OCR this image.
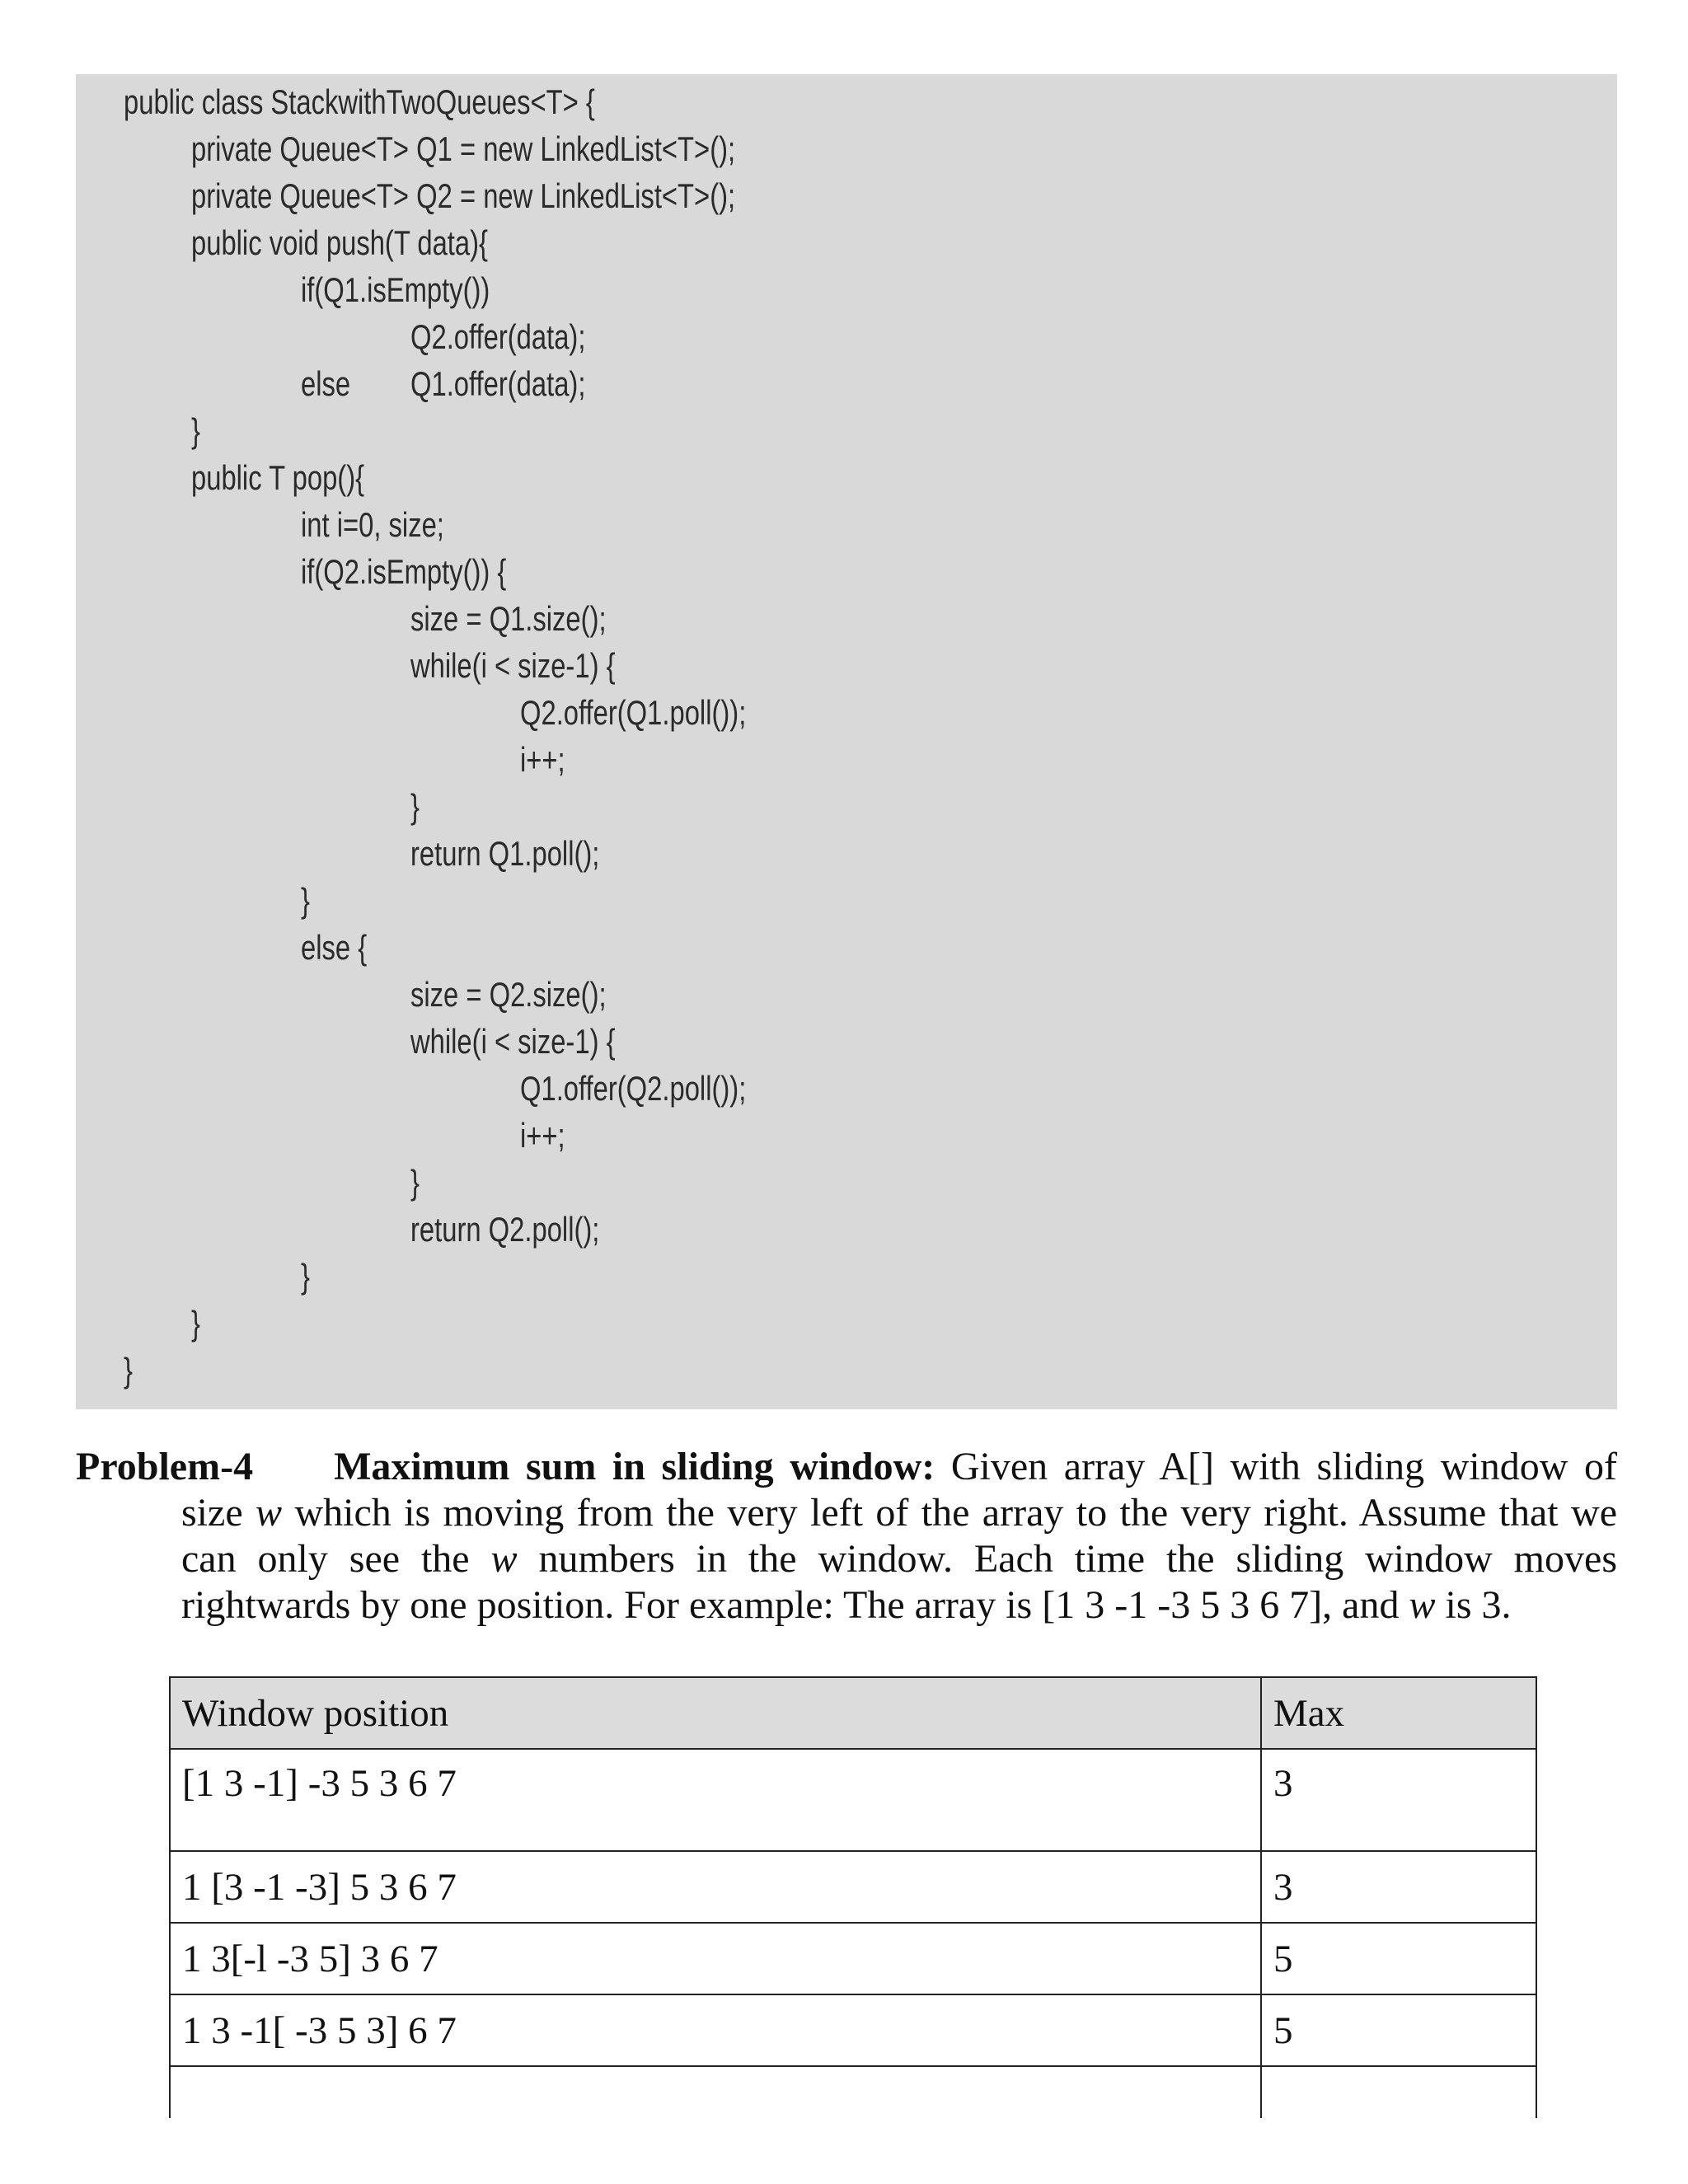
public class StackwithTwoQueues<T> {
private Queue<T> Q1 = new LinkedList<T>();
private Queue<T> Q2 = new LinkedList<T>();
public void push(T data){
if(Q1.isEmpty())
Q2.offer(data);
else Q1.offer(data);
}
public T pop(){
int i=0, size;
if(Q2.isEmpty()) {
size = Q1.size();
while(i < size-1) {
Q2.offer(Q1.poll());
i++;
}
return Q1.poll();
}
else {
size = Q2.size();
while(i < size-1) {
Q1.offer(Q2.poll());
i++;
}
return Q2.poll();
}
}
}
Problem-4 Maximum sum in sliding window: Given array A[] with sliding window of size w which is moving from the very left of the array to the very right. Assume that we can only see the w numbers in the window. Each time the sliding window moves rightwards by one position. For example: The array is [1 3 -1 -3 5 3 6 7], and w is 3.
Window position	Max
[1 3 -1] -3 5 3 6 7	3
1 [3 -1 -3] 5 3 6 7	3
1 3[-l -3 5] 3 6 7	5
1 3 -1[ -3 5 3] 6 7	5
